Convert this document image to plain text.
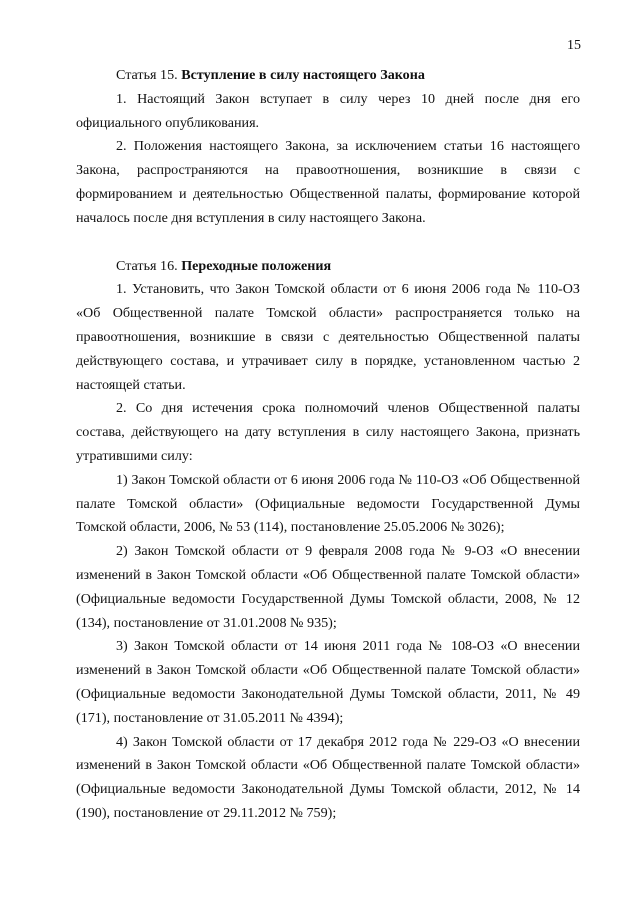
15

Статья 15. Вступление в силу настоящего Закона

1. Настоящий Закон вступает в силу через 10 дней после дня его официального опубликования.

2. Положения настоящего Закона, за исключением статьи 16 настоящего Закона, распространяются на правоотношения, возникшие в связи с формированием и деятельностью Общественной палаты, формирование которой началось после дня вступления в силу настоящего Закона.

Статья 16. Переходные положения

1. Установить, что Закон Томской области от 6 июня 2006 года № 110-ОЗ «Об Общественной палате Томской области» распространяется только на правоотношения, возникшие в связи с деятельностью Общественной палаты действующего состава, и утрачивает силу в порядке, установленном частью 2 настоящей статьи.

2. Со дня истечения срока полномочий членов Общественной палаты состава, действующего на дату вступления в силу настоящего Закона, признать утратившими силу:

1) Закон Томской области от 6 июня 2006 года № 110-ОЗ «Об Общественной палате Томской области» (Официальные ведомости Государственной Думы Томской области, 2006, № 53 (114), постановление 25.05.2006 № 3026);

2) Закон Томской области от 9 февраля 2008 года № 9-ОЗ «О внесении изменений в Закон Томской области «Об Общественной палате Томской области» (Официальные ведомости Государственной Думы Томской области, 2008, № 12 (134), постановление от 31.01.2008 № 935);

3) Закон Томской области от 14 июня 2011 года № 108-ОЗ «О внесении изменений в Закон Томской области «Об Общественной палате Томской области» (Официальные ведомости Законодательной Думы Томской области, 2011, № 49 (171), постановление от 31.05.2011 № 4394);

4) Закон Томской области от 17 декабря 2012 года № 229-ОЗ «О внесении изменений в Закон Томской области «Об Общественной палате Томской области» (Официальные ведомости Законодательной Думы Томской области, 2012, № 14 (190), постановление от 29.11.2012 № 759);
